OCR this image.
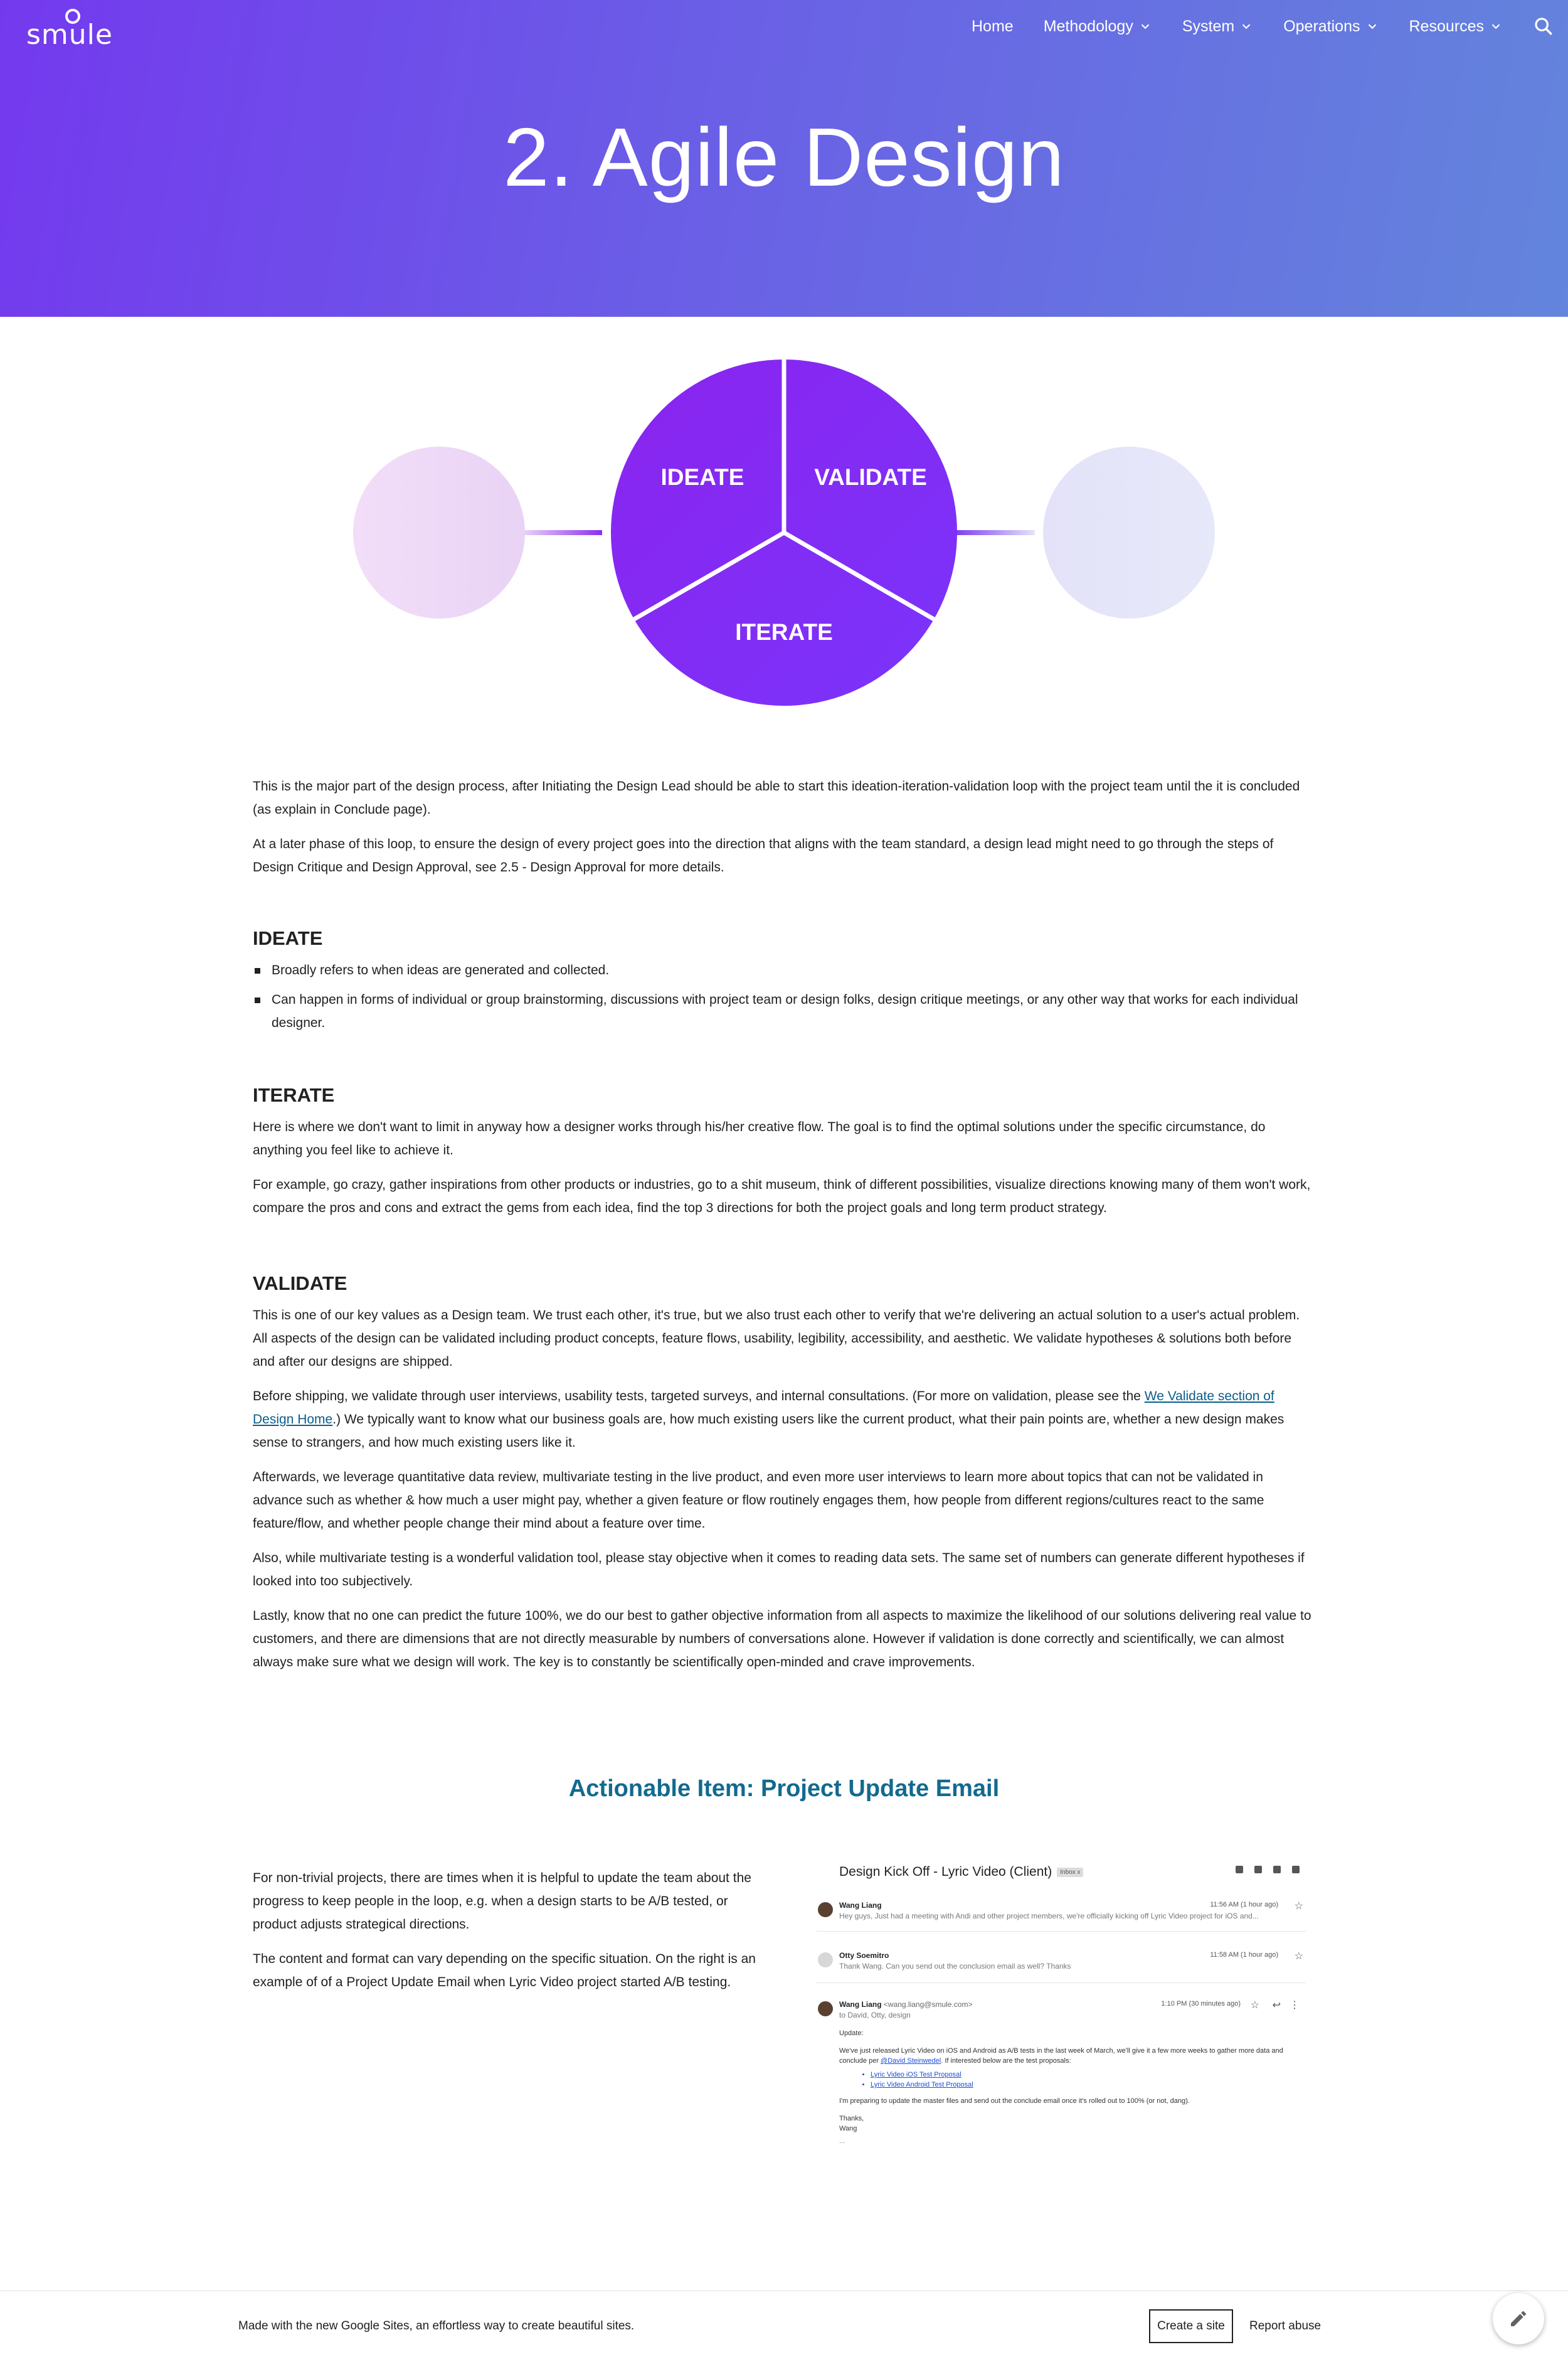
smule	Home Methodology	System	Operations	Resources
2. Agile Design
IDEATE	VALIDATE
ITERATE

This is the major part of the design process, after Initiating the Design Lead should be able to start this ideation-iteration-validation loop with the project team until the it is concluded (as explain in Conclude page).

At a later phase of this loop, to ensure the design of every project goes into the direction that aligns with the team standard, a design lead might need to go through the steps of Design Critique and Design Approval, see 2.5 - Design Approval for more details.

IDEATE
Broadly refers to when ideas are generated and collected.
Can happen in forms of individual or group brainstorming, discussions with project team or design folks, design critique meetings, or any other way that works for each individual designer.
ITERATE

Here is where we don't want to limit in anyway how a designer works through his/her creative flow. The goal is to find the optimal solutions under the specific circumstance, do anything you feel like to achieve it.

For example, go crazy, gather inspirations from other products or industries, go to a shit museum, think of different possibilities, visualize directions knowing many of them won't work, compare the pros and cons and extract the gems from each idea, find the top 3 directions for both the project goals and long term product strategy.

VALIDATE

This is one of our key values as a Design team. We trust each other, it's true, but we also trust each other to verify that we're delivering an actual solution to a user's actual problem. All aspects of the design can be validated including product concepts, feature flows, usability, legibility, accessibility, and aesthetic. We validate hypotheses & solutions both before and after our designs are shipped.

Before shipping, we validate through user interviews, usability tests, targeted surveys, and internal consultations. (For more on validation, please see the We Validate section of Design Home.) We typically want to know what our business goals are, how much existing users like the current product, what their pain points are, whether a new design makes sense to strangers, and how much existing users like it.

Afterwards, we leverage quantitative data review, multivariate testing in the live product, and even more user interviews to learn more about topics that can not be validated in advance such as whether & how much a user might pay, whether a given feature or flow routinely engages them, how people from different regions/cultures react to the same feature/flow, and whether people change their mind about a feature over time.

Also, while multivariate testing is a wonderful validation tool, please stay objective when it comes to reading data sets. The same set of numbers can generate different hypotheses if looked into too subjectively.

Lastly, know that no one can predict the future 100%, we do our best to gather objective information from all aspects to maximize the likelihood of our solutions delivering real value to customers, and there are dimensions that are not directly measurable by numbers of conversations alone. However if validation is done correctly and scientifically, we can almost always make sure what we design will work. The key is to constantly be scientifically open-minded and crave improvements.

Actionable Item: Project Update Email

For non-trivial projects, there are times when it is helpful to update the team about the progress to keep people in the loop, e.g. when a design starts to be A/B tested, or product adjusts strategical directions.

The content and format can vary depending on the specific situation. On the right is an example of of a Project Update Email when Lyric Video project started A/B testing.

Design Kick Off - Lyric Video (Client) Inbox x
Wang Liang
Hey guys, Just had a meeting with Andi and other project members, we're officially kicking off Lyric Video project for iOS and...
11:56 AM (1 hour ago) ☆
Otty Soemitro
Thank Wang. Can you send out the conclusion email as well? Thanks
11:58 AM (1 hour ago) ☆
Wang Liang <wang.liang@smule.com>
to David, Otty, design
1:10 PM (30 minutes ago) ☆ ↩ ⋮

Update:

We've just released Lyric Video on iOS and Android as A/B tests in the last week of March, we'll give it a few more weeks to gather more data and conclude per @David Steinwedel. If interested below are the test proposals:

• Lyric Video iOS Test Proposal
• Lyric Video Android Test Proposal

I'm preparing to update the master files and send out the conclude email once it's rolled out to 100% (or not, dang).

Thanks,

Wang

...

Made with the new Google Sites, an effortless way to create beautiful sites.	Create a site	Report abuse
